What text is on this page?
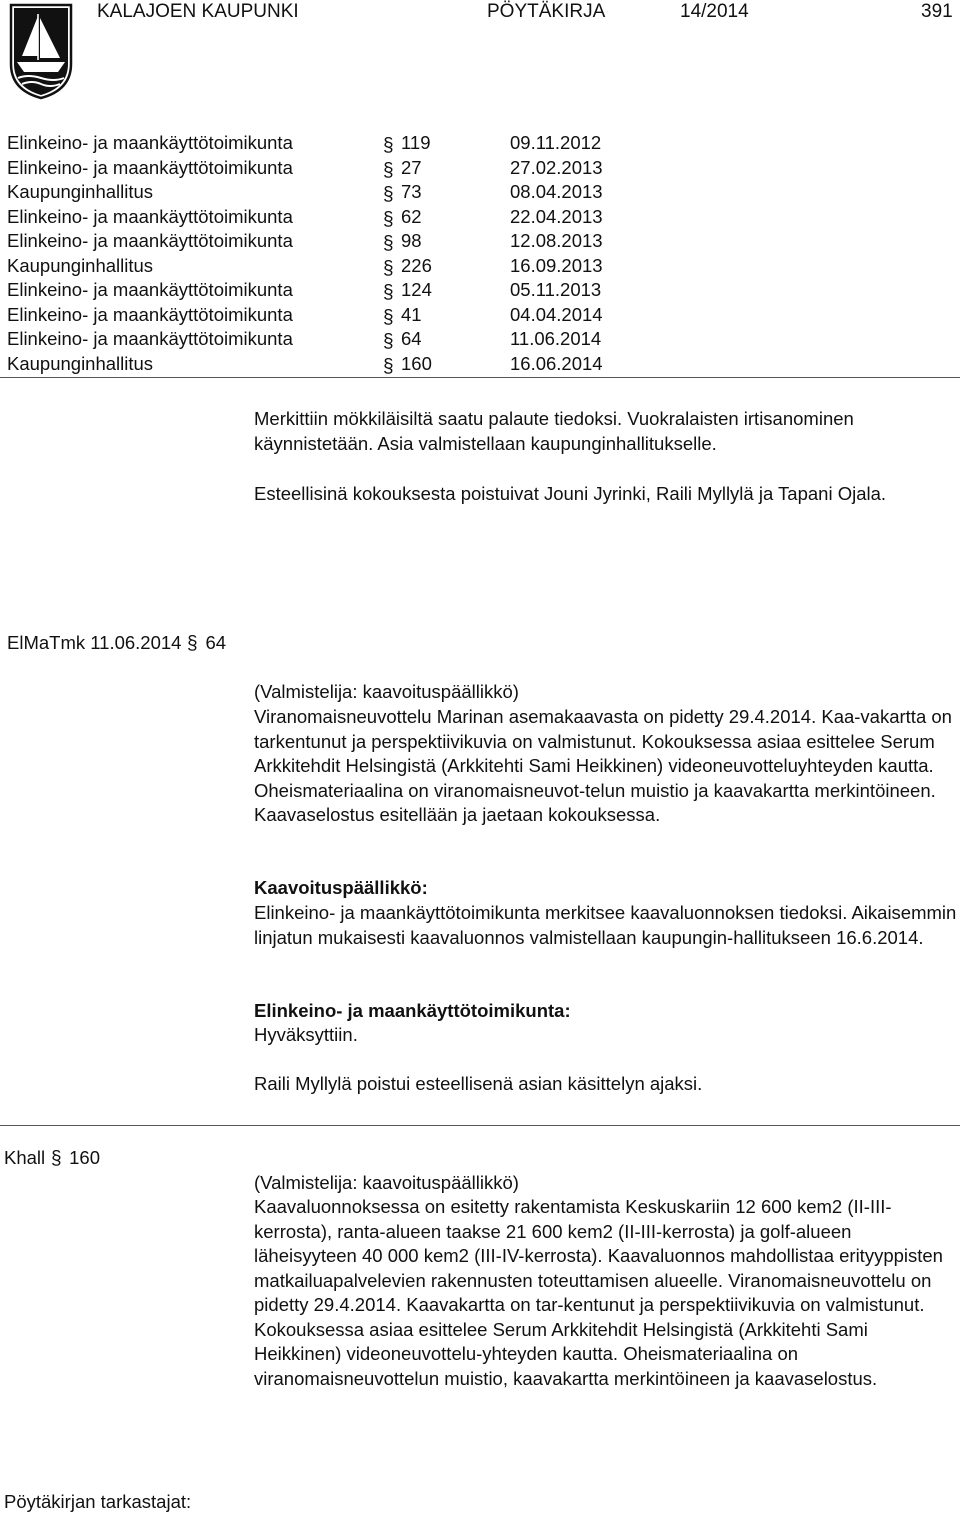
KALAJOEN KAUPUNKI	PÖYTÄKIRJA	14/2014	391
Elinkeino- ja maankäyttötoimikunta	§ 119	09.11.2012
Elinkeino- ja maankäyttötoimikunta	§ 27	27.02.2013
Kaupunginhallitus	§ 73	08.04.2013
Elinkeino- ja maankäyttötoimikunta	§ 62	22.04.2013
Elinkeino- ja maankäyttötoimikunta	§ 98	12.08.2013
Kaupunginhallitus	§ 226	16.09.2013
Elinkeino- ja maankäyttötoimikunta	§ 124	05.11.2013
Elinkeino- ja maankäyttötoimikunta	§ 41	04.04.2014
Elinkeino- ja maankäyttötoimikunta	§ 64	11.06.2014
Kaupunginhallitus	§ 160	16.06.2014
Merkittiin mökkiläisiltä saatu palaute tiedoksi. Vuokralaisten irtisanominen käynnistetään. Asia valmistellaan kaupunginhallitukselle.
Esteellisinä kokouksesta poistuivat Jouni Jyrinki, Raili Myllylä ja Tapani Ojala.
ElMaTmk 11.06.2014 § 64
(Valmistelija: kaavoituspäällikkö)
Viranomaisneuvottelu Marinan asemakaavasta on pidetty 29.4.2014. Kaa-vakartta on tarkentunut ja perspektiivikuvia on valmistunut. Kokouksessa asiaa esittelee Serum Arkkitehdit Helsingistä (Arkkitehti Sami Heikkinen) videoneuvotteluyhteyden kautta. Oheismateriaalina on viranomaisneuvot-telun muistio ja kaavakartta merkintöineen. Kaavaselostus esitellään ja jaetaan kokouksessa.
Kaavoituspäällikkö:
Elinkeino- ja maankäyttötoimikunta merkitsee kaavaluonnoksen tiedoksi. Aikaisemmin linjatun mukaisesti kaavaluonnos valmistellaan kaupungin-hallitukseen 16.6.2014.
Elinkeino- ja maankäyttötoimikunta:
Hyväksyttiin.
Raili Myllylä poistui esteellisenä asian käsittelyn ajaksi.
Khall § 160
(Valmistelija: kaavoituspäällikkö)
Kaavaluonnoksessa on esitetty rakentamista Keskuskariin 12 600 kem2 (II-III-kerrosta), ranta-alueen taakse 21 600 kem2 (II-III-kerrosta) ja golf-alueen läheisyyteen 40 000 kem2 (III-IV-kerrosta). Kaavaluonnos mahdollistaa erityyppisten matkailuapalvelevien rakennusten toteuttamisen alueelle. Viranomaisneuvottelu on pidetty 29.4.2014. Kaavakartta on tar-kentunut ja perspektiivikuvia on valmistunut. Kokouksessa asiaa esittelee Serum Arkkitehdit Helsingistä (Arkkitehti Sami Heikkinen) videoneuvottelu-yhteyden kautta. Oheismateriaalina on viranomaisneuvottelun muistio, kaavakartta merkintöineen ja kaavaselostus.
Pöytäkirjan tarkastajat:
